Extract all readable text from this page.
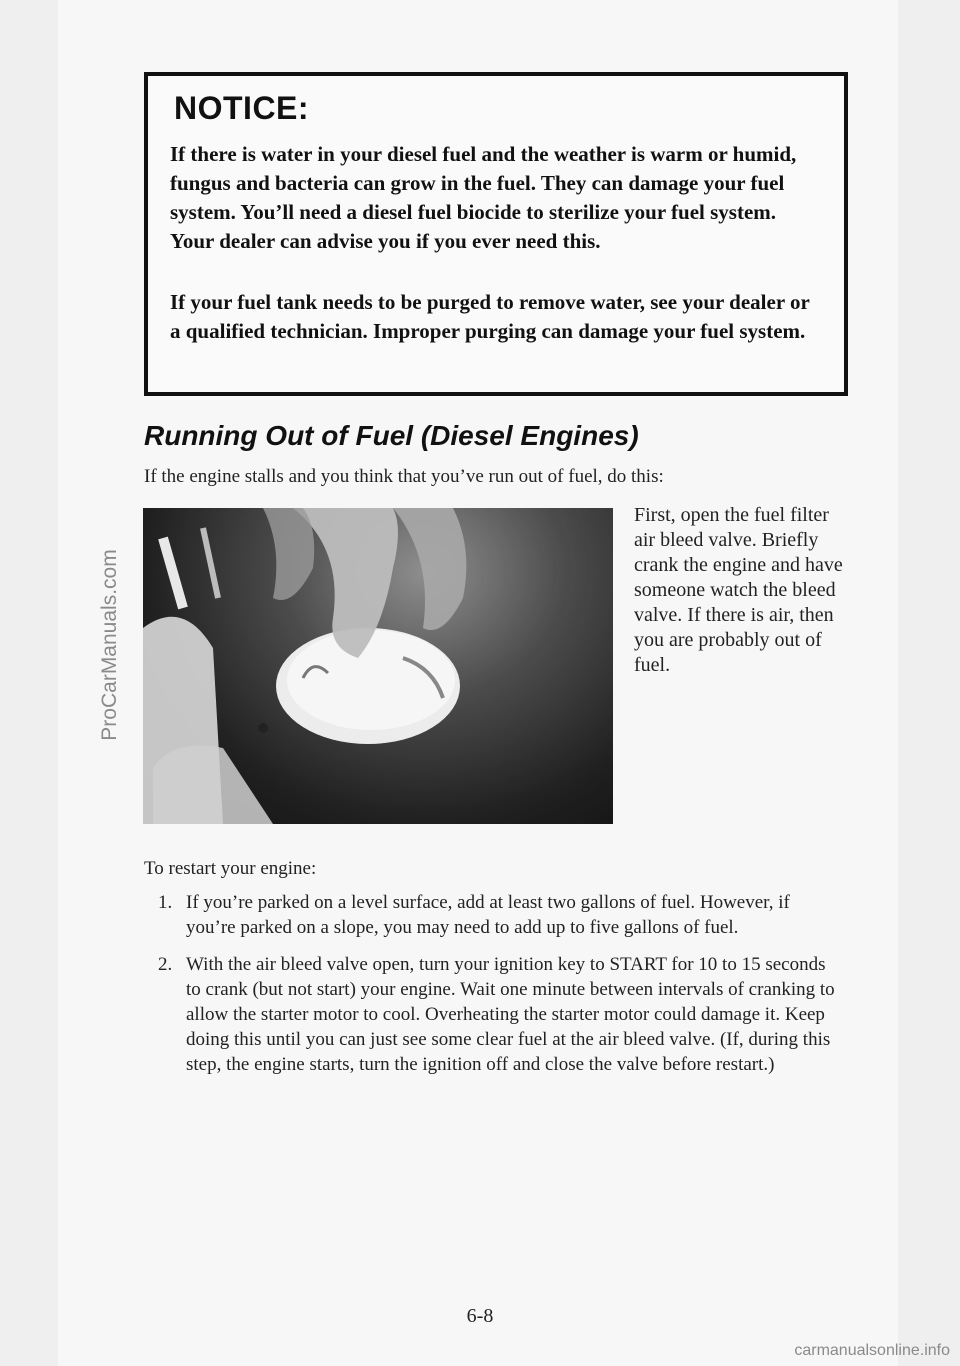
NOTICE:

If there is water in your diesel fuel and the weather is warm or humid, fungus and bacteria can grow in the fuel. They can damage your fuel system. You’ll need a diesel fuel biocide to sterilize your fuel system. Your dealer can advise you if you ever need this.

If your fuel tank needs to be purged to remove water, see your dealer or a qualified technician. Improper purging can damage your fuel system.

Running Out of Fuel (Diesel Engines)

If the engine stalls and you think that you’ve run out of fuel, do this:

First, open the fuel filter air bleed valve. Briefly crank the engine and have someone watch the bleed valve. If there is air, then you are probably out of fuel.

To restart your engine:

1. If you’re parked on a level surface, add at least two gallons of fuel. However, if you’re parked on a slope, you may need to add up to five gallons of fuel.
2. With the air bleed valve open, turn your ignition key to START for 10 to 15 seconds to crank (but not start) your engine. Wait one minute between intervals of cranking to allow the starter motor to cool. Overheating the starter motor could damage it. Keep doing this until you can just see some clear fuel at the air bleed valve. (If, during this step, the engine starts, turn the ignition off and close the valve before restart.)

6-8

ProCarManuals.com
carmanualsonline.info
